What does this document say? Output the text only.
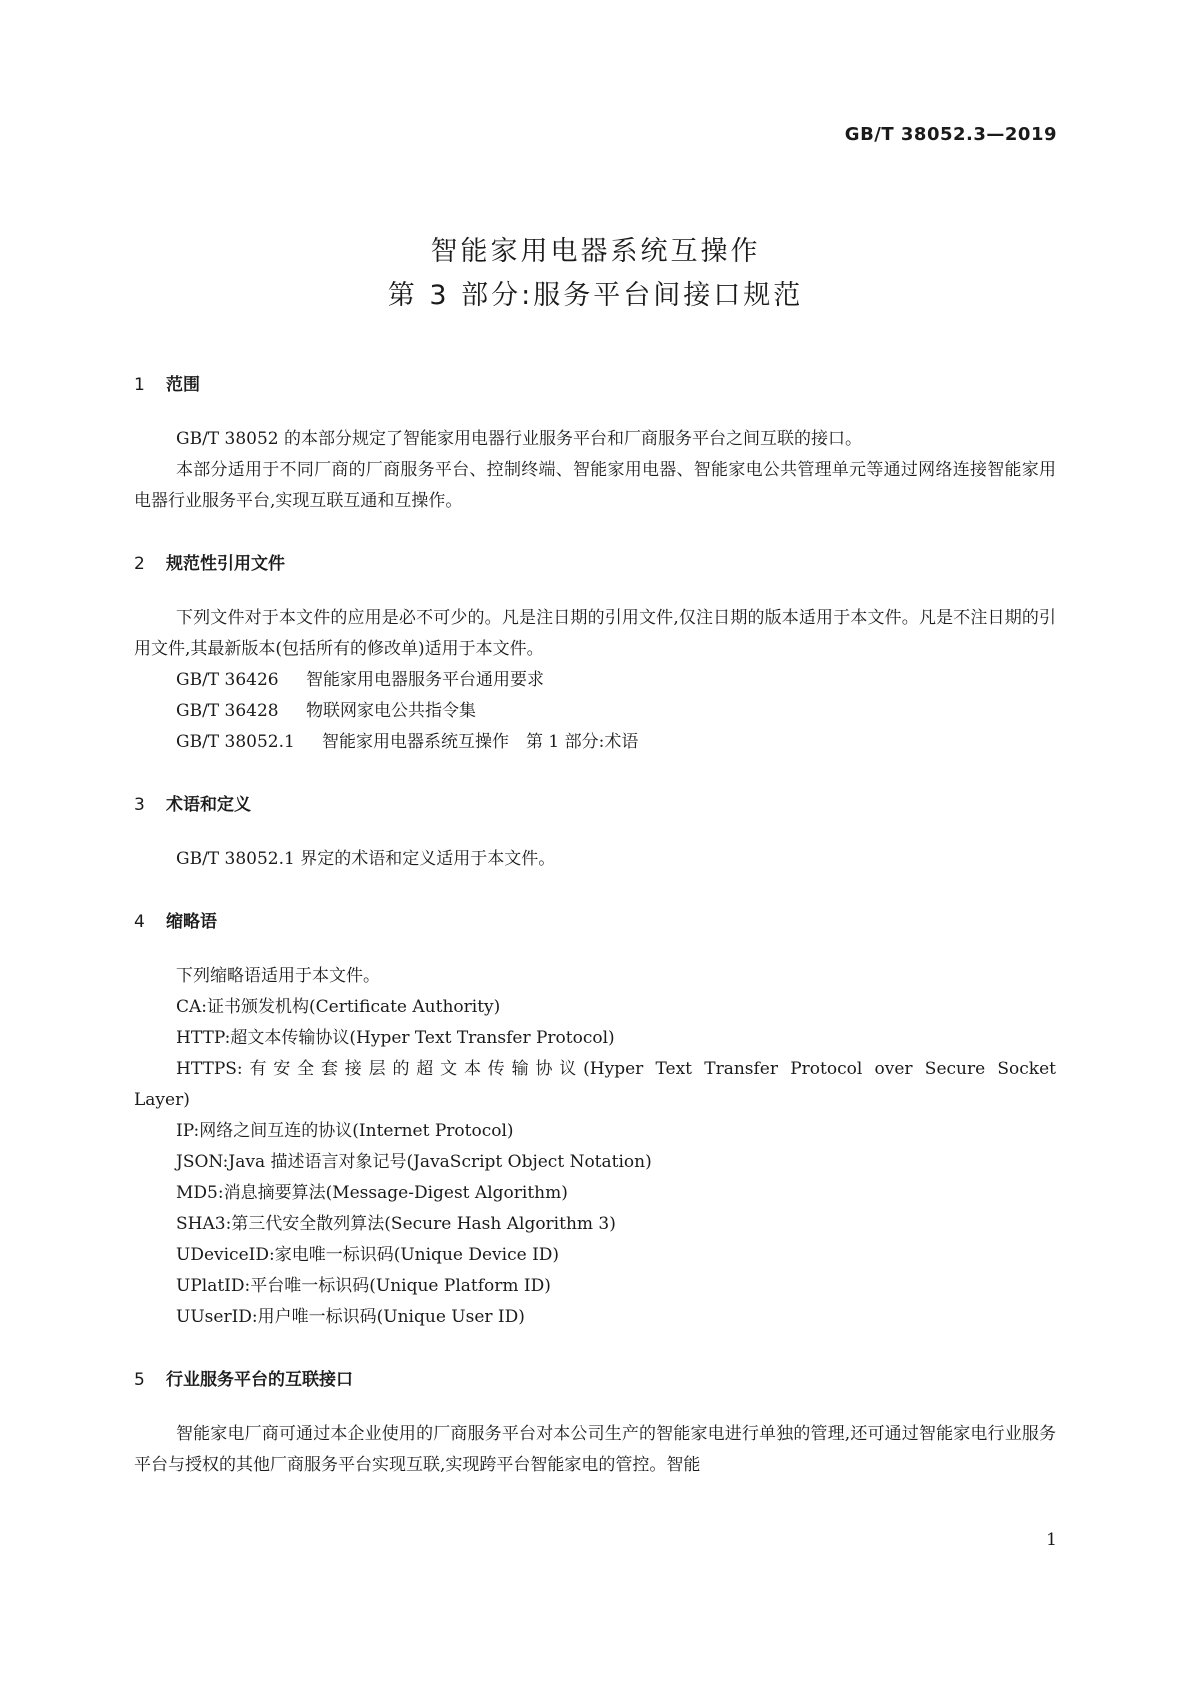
GB/T 38052.3—2019
智能家用电器系统互操作
第 3 部分:服务平台间接口规范
1 范围
GB/T 38052 的本部分规定了智能家用电器行业服务平台和厂商服务平台之间互联的接口。
本部分适用于不同厂商的厂商服务平台、控制终端、智能家用电器、智能家电公共管理单元等通过网络连接智能家用电器行业服务平台,实现互联互通和互操作。
2 规范性引用文件
下列文件对于本文件的应用是必不可少的。凡是注日期的引用文件,仅注日期的版本适用于本文件。凡是不注日期的引用文件,其最新版本(包括所有的修改单)适用于本文件。
GB/T 36426 智能家用电器服务平台通用要求
GB/T 36428 物联网家电公共指令集
GB/T 38052.1 智能家用电器系统互操作　第 1 部分:术语
3 术语和定义
GB/T 38052.1 界定的术语和定义适用于本文件。
4 缩略语
下列缩略语适用于本文件。
CA:证书颁发机构(Certificate Authority)
HTTP:超文本传输协议(Hyper Text Transfer Protocol)
HTTPS:有安全套接层的超文本传输协议(Hyper Text Transfer Protocol over Secure Socket
Layer)
IP:网络之间互连的协议(Internet Protocol)
JSON:Java 描述语言对象记号(JavaScript Object Notation)
MD5:消息摘要算法(Message-Digest Algorithm)
SHA3:第三代安全散列算法(Secure Hash Algorithm 3)
UDeviceID:家电唯一标识码(Unique Device ID)
UPlatID:平台唯一标识码(Unique Platform ID)
UUserID:用户唯一标识码(Unique User ID)
5 行业服务平台的互联接口
智能家电厂商可通过本企业使用的厂商服务平台对本公司生产的智能家电进行单独的管理,还可通过智能家电行业服务平台与授权的其他厂商服务平台实现互联,实现跨平台智能家电的管控。智能
1
